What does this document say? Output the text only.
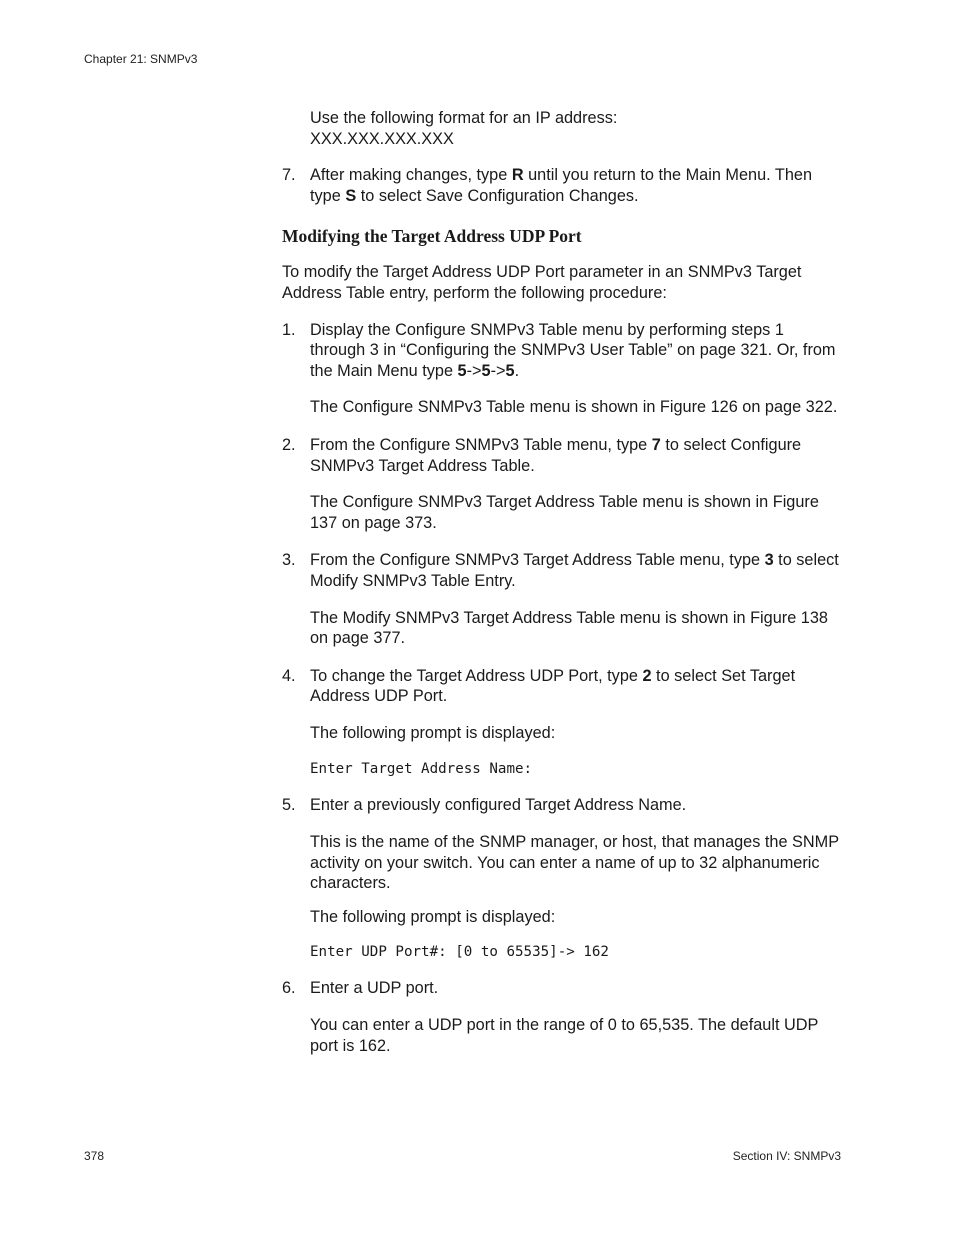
Chapter 21: SNMPv3

Use the following format for an IP address:

XXX.XXX.XXX.XXX

7. After making changes, type R until you return to the Main Menu. Then type S to select Save Configuration Changes.

Modifying the Target Address UDP Port

To modify the Target Address UDP Port parameter in an SNMPv3 Target Address Table entry, perform the following procedure:

1. Display the Configure SNMPv3 Table menu by performing steps 1 through 3 in “Configuring the SNMPv3 User Table” on page 321. Or, from the Main Menu type 5->5->5.

The Configure SNMPv3 Table menu is shown in Figure 126 on page 322.

2. From the Configure SNMPv3 Table menu, type 7 to select Configure SNMPv3 Target Address Table.

The Configure SNMPv3 Target Address Table menu is shown in Figure 137 on page 373.

3. From the Configure SNMPv3 Target Address Table menu, type 3 to select Modify SNMPv3 Table Entry.

The Modify SNMPv3 Target Address Table menu is shown in Figure 138 on page 377.

4. To change the Target Address UDP Port, type 2 to select Set Target Address UDP Port.

The following prompt is displayed:

Enter Target Address Name:

5. Enter a previously configured Target Address Name.

This is the name of the SNMP manager, or host, that manages the SNMP activity on your switch. You can enter a name of up to 32 alphanumeric characters.

The following prompt is displayed:

Enter UDP Port#: [0 to 65535]-> 162

6. Enter a UDP port.

You can enter a UDP port in the range of 0 to 65,535. The default UDP port is 162.

378	Section IV: SNMPv3
